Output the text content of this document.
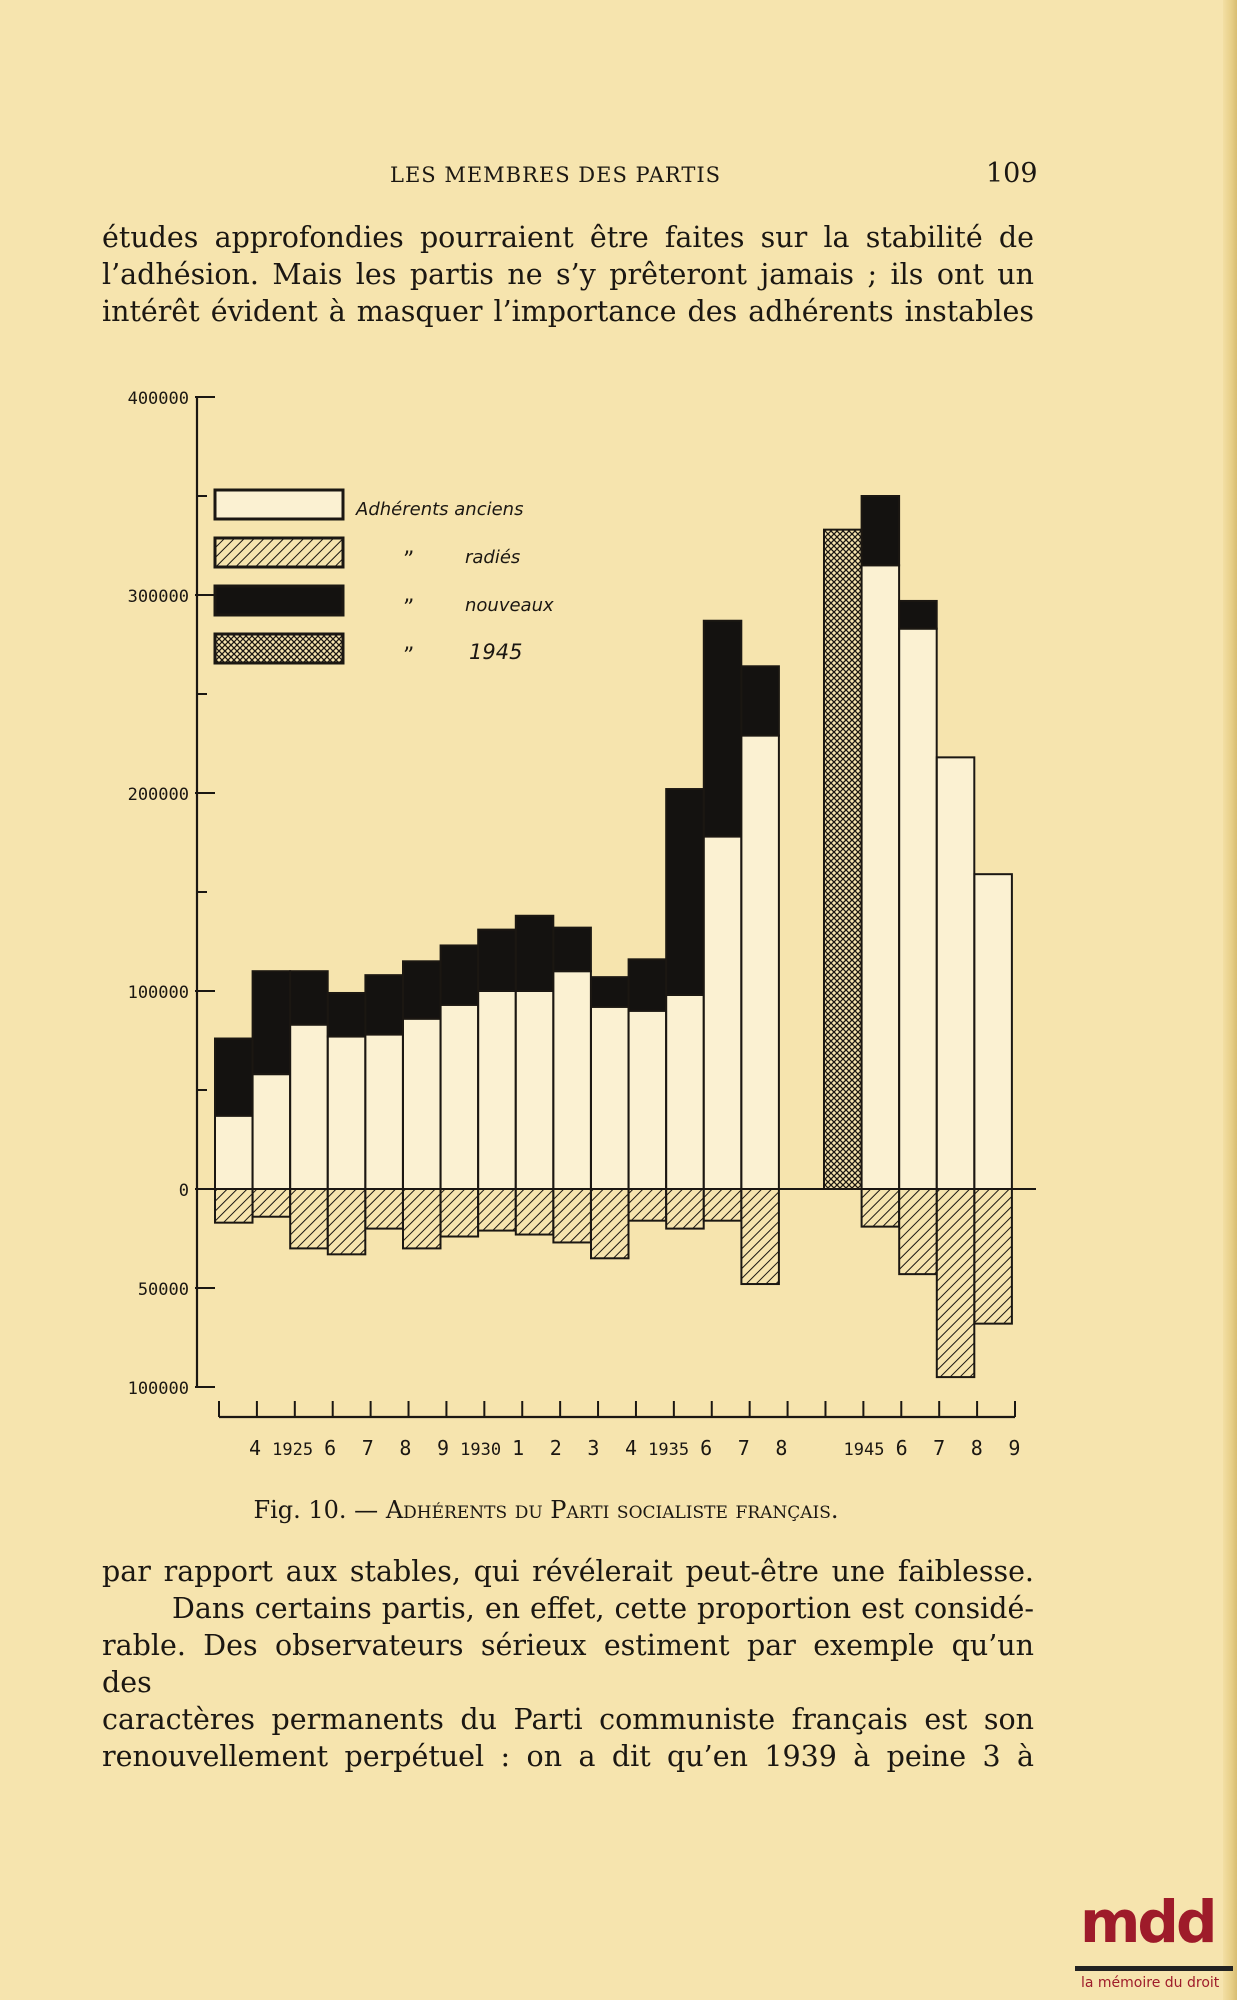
LES MEMBRES DES PARTIS	109
études approfondies pourraient être faites sur la stabilité de
l’adhésion. Mais les partis ne s’y prêteront jamais ; ils ont un
intérêt évident à masquer l’importance des adhérents instables
400000
300000
200000
100000
0
50000
100000
Adhérents anciens
”	radiés
”	nouveaux
”	1945
4 1925 6 7 8 9 1930 1 2 3 4 1935 6 7 8	1945 6 7 8 9
Fig. 10. — Adhérents du Parti socialiste français.
par rapport aux stables, qui révélerait peut-être une faiblesse.
Dans certains partis, en effet, cette proportion est considé-
rable. Des observateurs sérieux estiment par exemple qu’un des
caractères permanents du Parti communiste français est son
renouvellement perpétuel : on a dit qu’en 1939 à peine 3 à
mdd
la mémoire du droit
